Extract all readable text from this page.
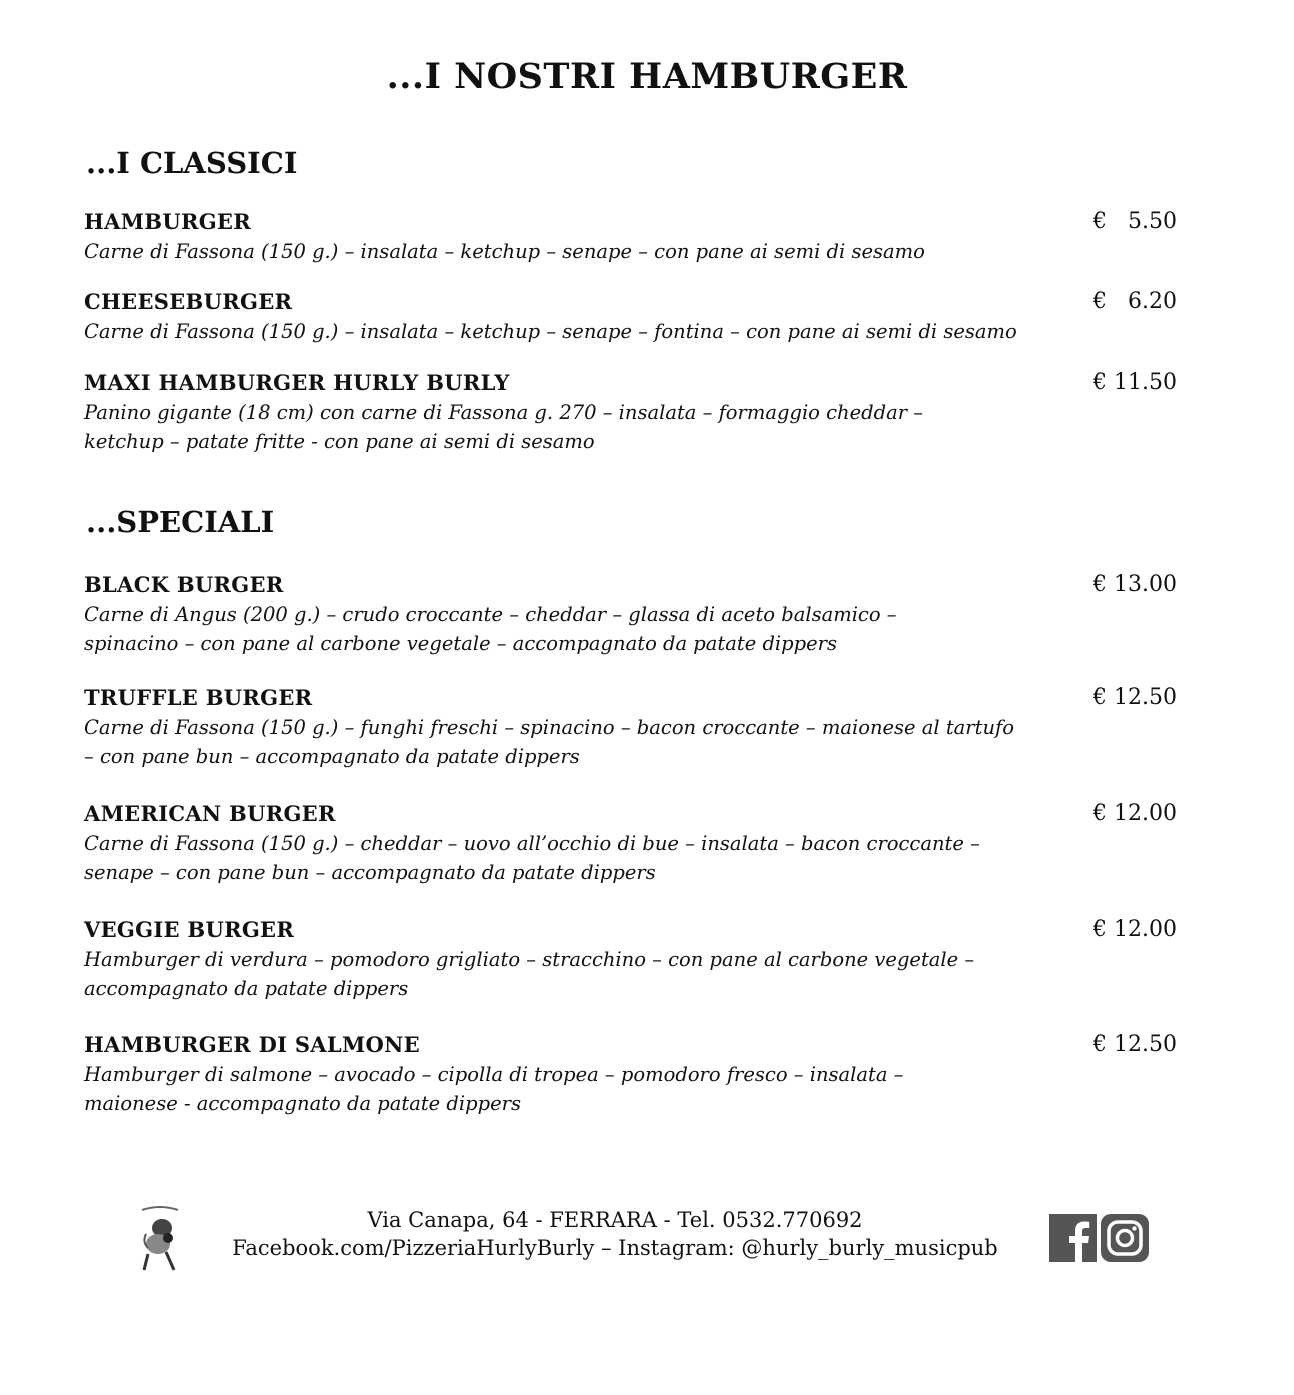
...I NOSTRI HAMBURGER
...I CLASSICI
HAMBURGER	€   5.50
Carne di Fassona (150 g.) – insalata – ketchup – senape – con pane ai semi di sesamo
CHEESEBURGER	€   6.20
Carne di Fassona (150 g.) – insalata – ketchup – senape – fontina – con pane ai semi di sesamo
MAXI HAMBURGER HURLY BURLY	€ 11.50
Panino gigante (18 cm) con carne di Fassona g. 270 – insalata – formaggio cheddar – ketchup – patate fritte - con pane ai semi di sesamo
...SPECIALI
BLACK BURGER	€ 13.00
Carne di Angus (200 g.) – crudo croccante – cheddar – glassa di aceto balsamico – spinacino – con pane al carbone vegetale – accompagnato da patate dippers
TRUFFLE BURGER	€ 12.50
Carne di Fassona (150 g.) – funghi freschi – spinacino – bacon croccante – maionese al tartufo – con pane bun – accompagnato da patate dippers
AMERICAN BURGER	€ 12.00
Carne di Fassona (150 g.) – cheddar – uovo all’occhio di bue – insalata – bacon croccante – senape – con pane bun – accompagnato da patate dippers
VEGGIE BURGER	€ 12.00
Hamburger di verdura – pomodoro grigliato – stracchino – con pane al carbone vegetale – accompagnato da patate dippers
HAMBURGER DI SALMONE	€ 12.50
Hamburger di salmone – avocado – cipolla di tropea – pomodoro fresco – insalata – maionese - accompagnato da patate dippers
Via Canapa, 64 - FERRARA - Tel. 0532.770692
Facebook.com/PizzeriaHurlyBurly – Instagram: @hurly_burly_musicpub
